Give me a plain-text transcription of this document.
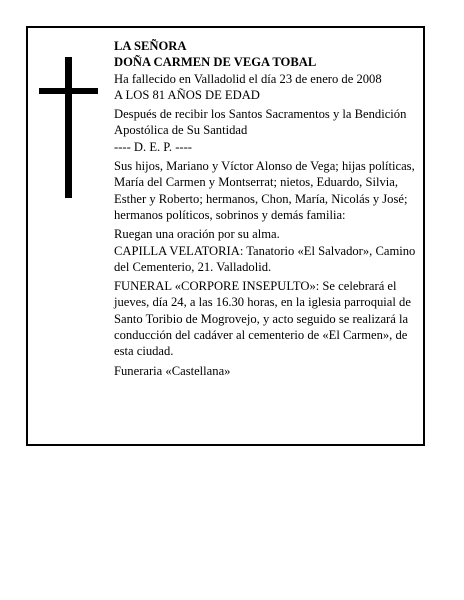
LA SEÑORA

DOÑA CARMEN DE VEGA TOBAL

Ha fallecido en Valladolid el día 23 de enero de 2008

A LOS 81 AÑOS DE EDAD

Después de recibir los Santos Sacramentos y la Bendición Apostólica de Su Santidad

---- D. E. P. ----

Sus hijos, Mariano y Víctor Alonso de Vega; hijas políticas, María del Carmen y Montserrat; nietos, Eduardo, Silvia, Esther y Roberto; hermanos, Chon, María, Nicolás y José; hermanos políticos, sobrinos y demás familia:

Ruegan una oración por su alma.

CAPILLA VELATORIA: Tanatorio «El Salvador», Camino del Cementerio, 21. Valladolid.

FUNERAL «CORPORE INSEPULTO»: Se celebrará el jueves, día 24, a las 16.30 horas, en la iglesia parroquial de Santo Toribio de Mogrovejo, y acto seguido se realizará la conducción del cadáver al cementerio de «El Carmen», de esta ciudad.

Funeraria «Castellana»
